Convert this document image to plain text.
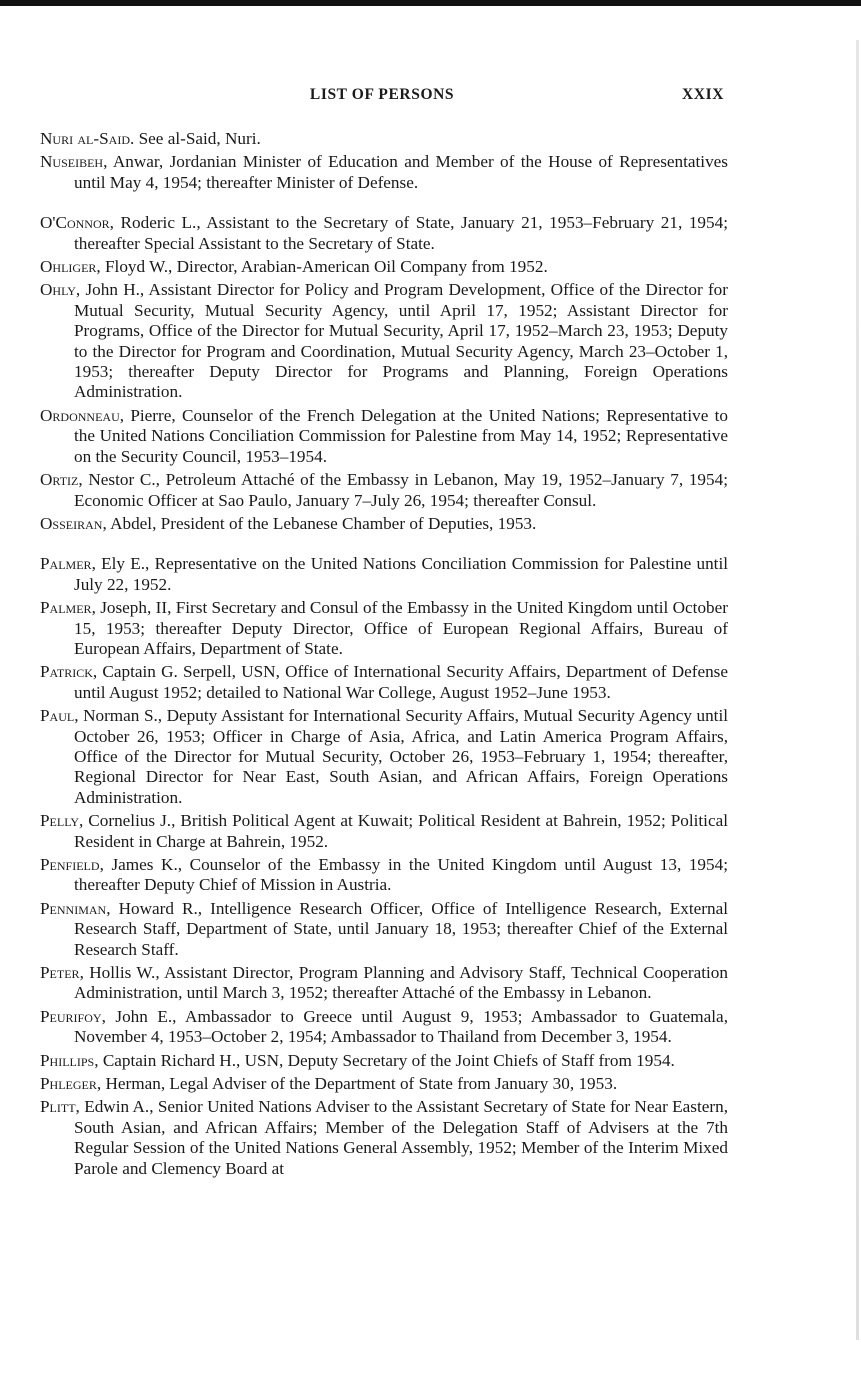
LIST OF PERSONS	XXIX
Nuri al-Said. See al-Said, Nuri.
Nuseibeh, Anwar, Jordanian Minister of Education and Member of the House of Representatives until May 4, 1954; thereafter Minister of Defense.
O'Connor, Roderic L., Assistant to the Secretary of State, January 21, 1953–February 21, 1954; thereafter Special Assistant to the Secretary of State.
Ohliger, Floyd W., Director, Arabian-American Oil Company from 1952.
Ohly, John H., Assistant Director for Policy and Program Development, Office of the Director for Mutual Security, Mutual Security Agency, until April 17, 1952; Assistant Director for Programs, Office of the Director for Mutual Security, April 17, 1952–March 23, 1953; Deputy to the Director for Program and Coordination, Mutual Security Agency, March 23–October 1, 1953; thereafter Deputy Director for Programs and Planning, Foreign Operations Administration.
Ordonneau, Pierre, Counselor of the French Delegation at the United Nations; Representative to the United Nations Conciliation Commission for Palestine from May 14, 1952; Representative on the Security Council, 1953–1954.
Ortiz, Nestor C., Petroleum Attaché of the Embassy in Lebanon, May 19, 1952–January 7, 1954; Economic Officer at Sao Paulo, January 7–July 26, 1954; thereafter Consul.
Osseiran, Abdel, President of the Lebanese Chamber of Deputies, 1953.
Palmer, Ely E., Representative on the United Nations Conciliation Commission for Palestine until July 22, 1952.
Palmer, Joseph, II, First Secretary and Consul of the Embassy in the United Kingdom until October 15, 1953; thereafter Deputy Director, Office of European Regional Affairs, Bureau of European Affairs, Department of State.
Patrick, Captain G. Serpell, USN, Office of International Security Affairs, Department of Defense until August 1952; detailed to National War College, August 1952–June 1953.
Paul, Norman S., Deputy Assistant for International Security Affairs, Mutual Security Agency until October 26, 1953; Officer in Charge of Asia, Africa, and Latin America Program Affairs, Office of the Director for Mutual Security, October 26, 1953–February 1, 1954; thereafter, Regional Director for Near East, South Asian, and African Affairs, Foreign Operations Administration.
Pelly, Cornelius J., British Political Agent at Kuwait; Political Resident at Bahrein, 1952; Political Resident in Charge at Bahrein, 1952.
Penfield, James K., Counselor of the Embassy in the United Kingdom until August 13, 1954; thereafter Deputy Chief of Mission in Austria.
Penniman, Howard R., Intelligence Research Officer, Office of Intelligence Research, External Research Staff, Department of State, until January 18, 1953; thereafter Chief of the External Research Staff.
Peter, Hollis W., Assistant Director, Program Planning and Advisory Staff, Technical Cooperation Administration, until March 3, 1952; thereafter Attaché of the Embassy in Lebanon.
Peurifoy, John E., Ambassador to Greece until August 9, 1953; Ambassador to Guatemala, November 4, 1953–October 2, 1954; Ambassador to Thailand from December 3, 1954.
Phillips, Captain Richard H., USN, Deputy Secretary of the Joint Chiefs of Staff from 1954.
Phleger, Herman, Legal Adviser of the Department of State from January 30, 1953.
Plitt, Edwin A., Senior United Nations Adviser to the Assistant Secretary of State for Near Eastern, South Asian, and African Affairs; Member of the Delegation Staff of Advisers at the 7th Regular Session of the United Nations General Assembly, 1952; Member of the Interim Mixed Parole and Clemency Board at
